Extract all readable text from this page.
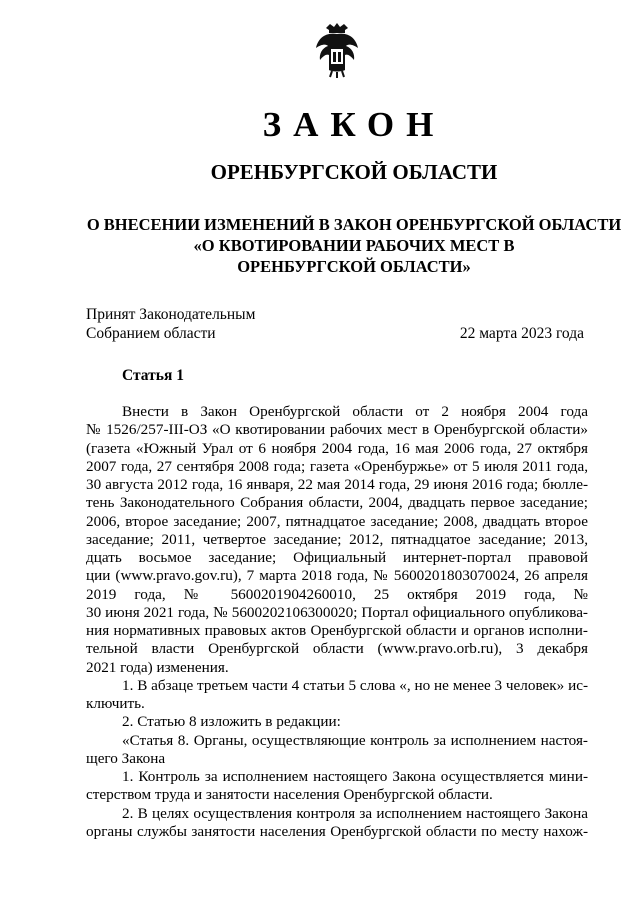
ЗАКОН
ОРЕНБУРГСКОЙ ОБЛАСТИ
О ВНЕСЕНИИ ИЗМЕНЕНИЙ В ЗАКОН ОРЕНБУРГСКОЙ ОБЛАСТИ
«О КВОТИРОВАНИИ РАБОЧИХ МЕСТ В
ОРЕНБУРГСКОЙ ОБЛАСТИ»
Принят Законодательным
Собранием области	22 марта 2023 года
Статья 1
Внести в Закон Оренбургской области от 2 ноября 2004 года
№ 1526/257-III-ОЗ «О квотировании рабочих мест в Оренбургской области»
(газета «Южный Урал от 6 ноября 2004 года, 16 мая 2006 года, 27 октября
2007 года, 27 сентября 2008 года; газета «Оренбуржье» от 5 июля 2011 года,
30 августа 2012 года, 16 января, 22 мая 2014 года, 29 июня 2016 года; бюлле-
тень Законодательного Собрания области, 2004, двадцать первое заседание;
2006, второе заседание; 2007, пятнадцатое заседание; 2008, двадцать второе
заседание; 2011, четвертое заседание; 2012, пятнадцатое заседание; 2013,
дцать восьмое заседание; Официальный интернет-портал правовой
ции (www.pravo.gov.ru), 7 марта 2018 года, № 5600201803070024, 26 апреля
2019 года, № 5600201904260010, 25 октября 2019 года, №
30 июня 2021 года, № 5600202106300020; Портал официального опубликова-
ния нормативных правовых актов Оренбургской области и органов исполни-
тельной власти Оренбургской области (www.pravo.orb.ru), 3 декабря
2021 года) изменения.
1. В абзаце третьем части 4 статьи 5 слова «, но не менее 3 человек» ис-
ключить.
2. Статью 8 изложить в редакции:
«Статья 8. Органы, осуществляющие контроль за исполнением настоя-
щего Закона
1. Контроль за исполнением настоящего Закона осуществляется мини-
стерством труда и занятости населения Оренбургской области.
2. В целях осуществления контроля за исполнением настоящего Закона
органы службы занятости населения Оренбургской области по месту нахож-
